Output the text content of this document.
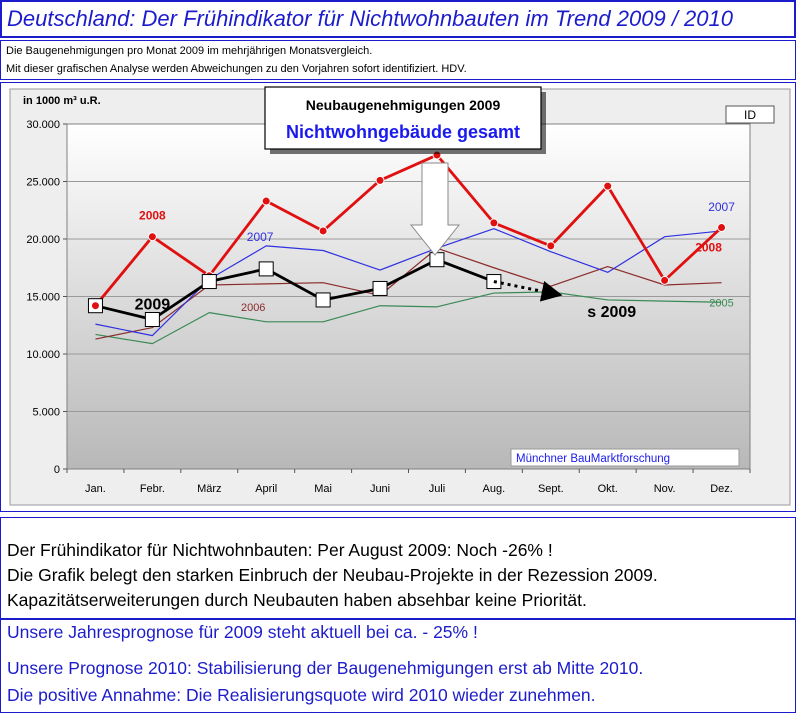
Deutschland: Der Frühindikator für Nichtwohnbauten im Trend 2009 / 2010
Die Baugenehmigungen pro Monat 2009 im mehrjährigen Monatsvergleich.
Mit dieser grafischen Analyse werden Abweichungen zu den Vorjahren sofort identifiziert. HDV.
0
5.000
10.000
15.000
20.000
25.000
30.000
Jan.	Febr.	März	April	Mai	Juni	Juli	Aug.	Sept.	Okt.	Nov.	Dez.
in 1000 m³ u.R.
ID
Neubaugenehmigungen 2009
Nichtwohngebäude gesamt
2008
2008
2007
2007
2006	2005
2009	s 2009
Münchner BauMarktforschung
Der Frühindikator für Nichtwohnbauten: Per August 2009: Noch -26% !
Die Grafik belegt den starken Einbruch der Neubau-Projekte in der Rezession 2009.
Kapazitätserweiterungen durch Neubauten haben absehbar keine Priorität.
Unsere Jahresprognose für 2009 steht aktuell bei ca. - 25% !
Unsere Prognose 2010: Stabilisierung der Baugenehmigungen erst ab Mitte 2010.
Die positive Annahme: Die Realisierungsquote wird 2010 wieder zunehmen.
